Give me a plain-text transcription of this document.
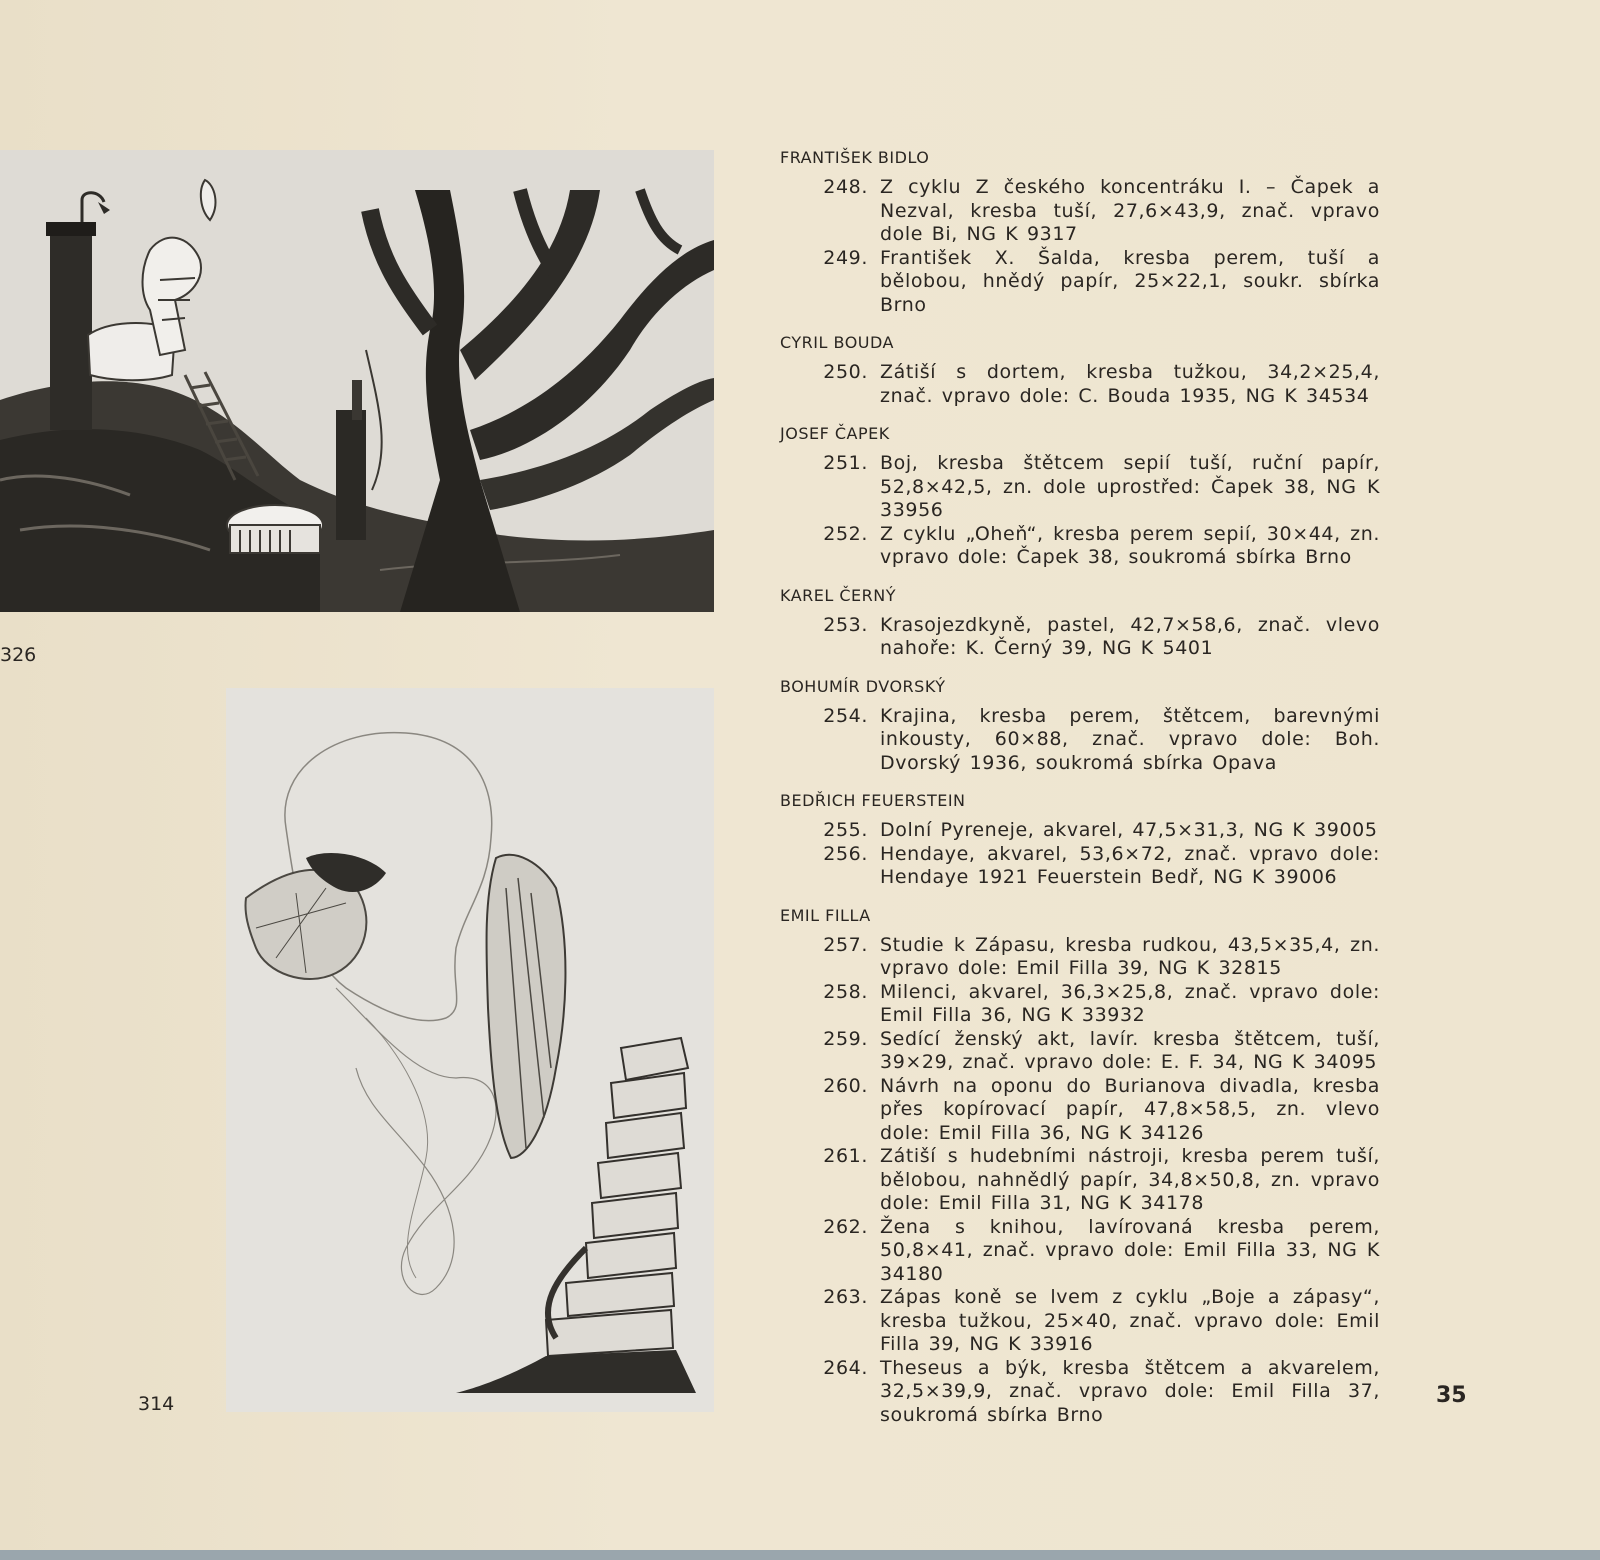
326
314
FRANTIŠEK BIDLO
248. Z cyklu Z českého koncentráku I. – Čapek a Nezval, kresba tuší, 27,6×43,9, znač. vpravo dole Bi, NG K 9317
249. František X. Šalda, kresba perem, tuší a bělobou, hnědý papír, 25×22,1, soukr. sbírka Brno
CYRIL BOUDA
250. Zátiší s dortem, kresba tužkou, 34,2×25,4, znač. vpravo dole: C. Bouda 1935, NG K 34534
JOSEF ČAPEK
251. Boj, kresba štětcem sepií tuší, ruční papír, 52,8×42,5, zn. dole uprostřed: Čapek 38, NG K 33956
252. Z cyklu „Oheň“, kresba perem sepií, 30×44, zn. vpravo dole: Čapek 38, soukromá sbírka Brno
KAREL ČERNÝ
253. Krasojezdkyně, pastel, 42,7×58,6, znač. vlevo nahoře: K. Černý 39, NG K 5401
BOHUMÍR DVORSKÝ
254. Krajina, kresba perem, štětcem, barevnými inkousty, 60×88, znač. vpravo dole: Boh. Dvorský 1936, soukromá sbírka Opava
BEDŘICH FEUERSTEIN
255. Dolní Pyreneje, akvarel, 47,5×31,3, NG K 39005
256. Hendaye, akvarel, 53,6×72, znač. vpravo dole: Hendaye 1921 Feuerstein Bedř, NG K 39006
EMIL FILLA
257. Studie k Zápasu, kresba rudkou, 43,5×35,4, zn. vpravo dole: Emil Filla 39, NG K 32815
258. Milenci, akvarel, 36,3×25,8, znač. vpravo dole: Emil Filla 36, NG K 33932
259. Sedící ženský akt, lavír. kresba štětcem, tuší, 39×29, znač. vpravo dole: E. F. 34, NG K 34095
260. Návrh na oponu do Burianova divadla, kresba přes kopírovací papír, 47,8×58,5, zn. vlevo dole: Emil Filla 36, NG K 34126
261. Zátiší s hudebními nástroji, kresba perem tuší, bělobou, nahnědlý papír, 34,8×50,8, zn. vpravo dole: Emil Filla 31, NG K 34178
262. Žena s knihou, lavírovaná kresba perem, 50,8×41, znač. vpravo dole: Emil Filla 33, NG K 34180
263. Zápas koně se lvem z cyklu „Boje a zápasy“, kresba tužkou, 25×40, znač. vpravo dole: Emil Filla 39, NG K 33916
264. Theseus a býk, kresba štětcem a akvarelem, 32,5×39,9, znač. vpravo dole: Emil Filla 37, soukromá sbírka Brno
35
